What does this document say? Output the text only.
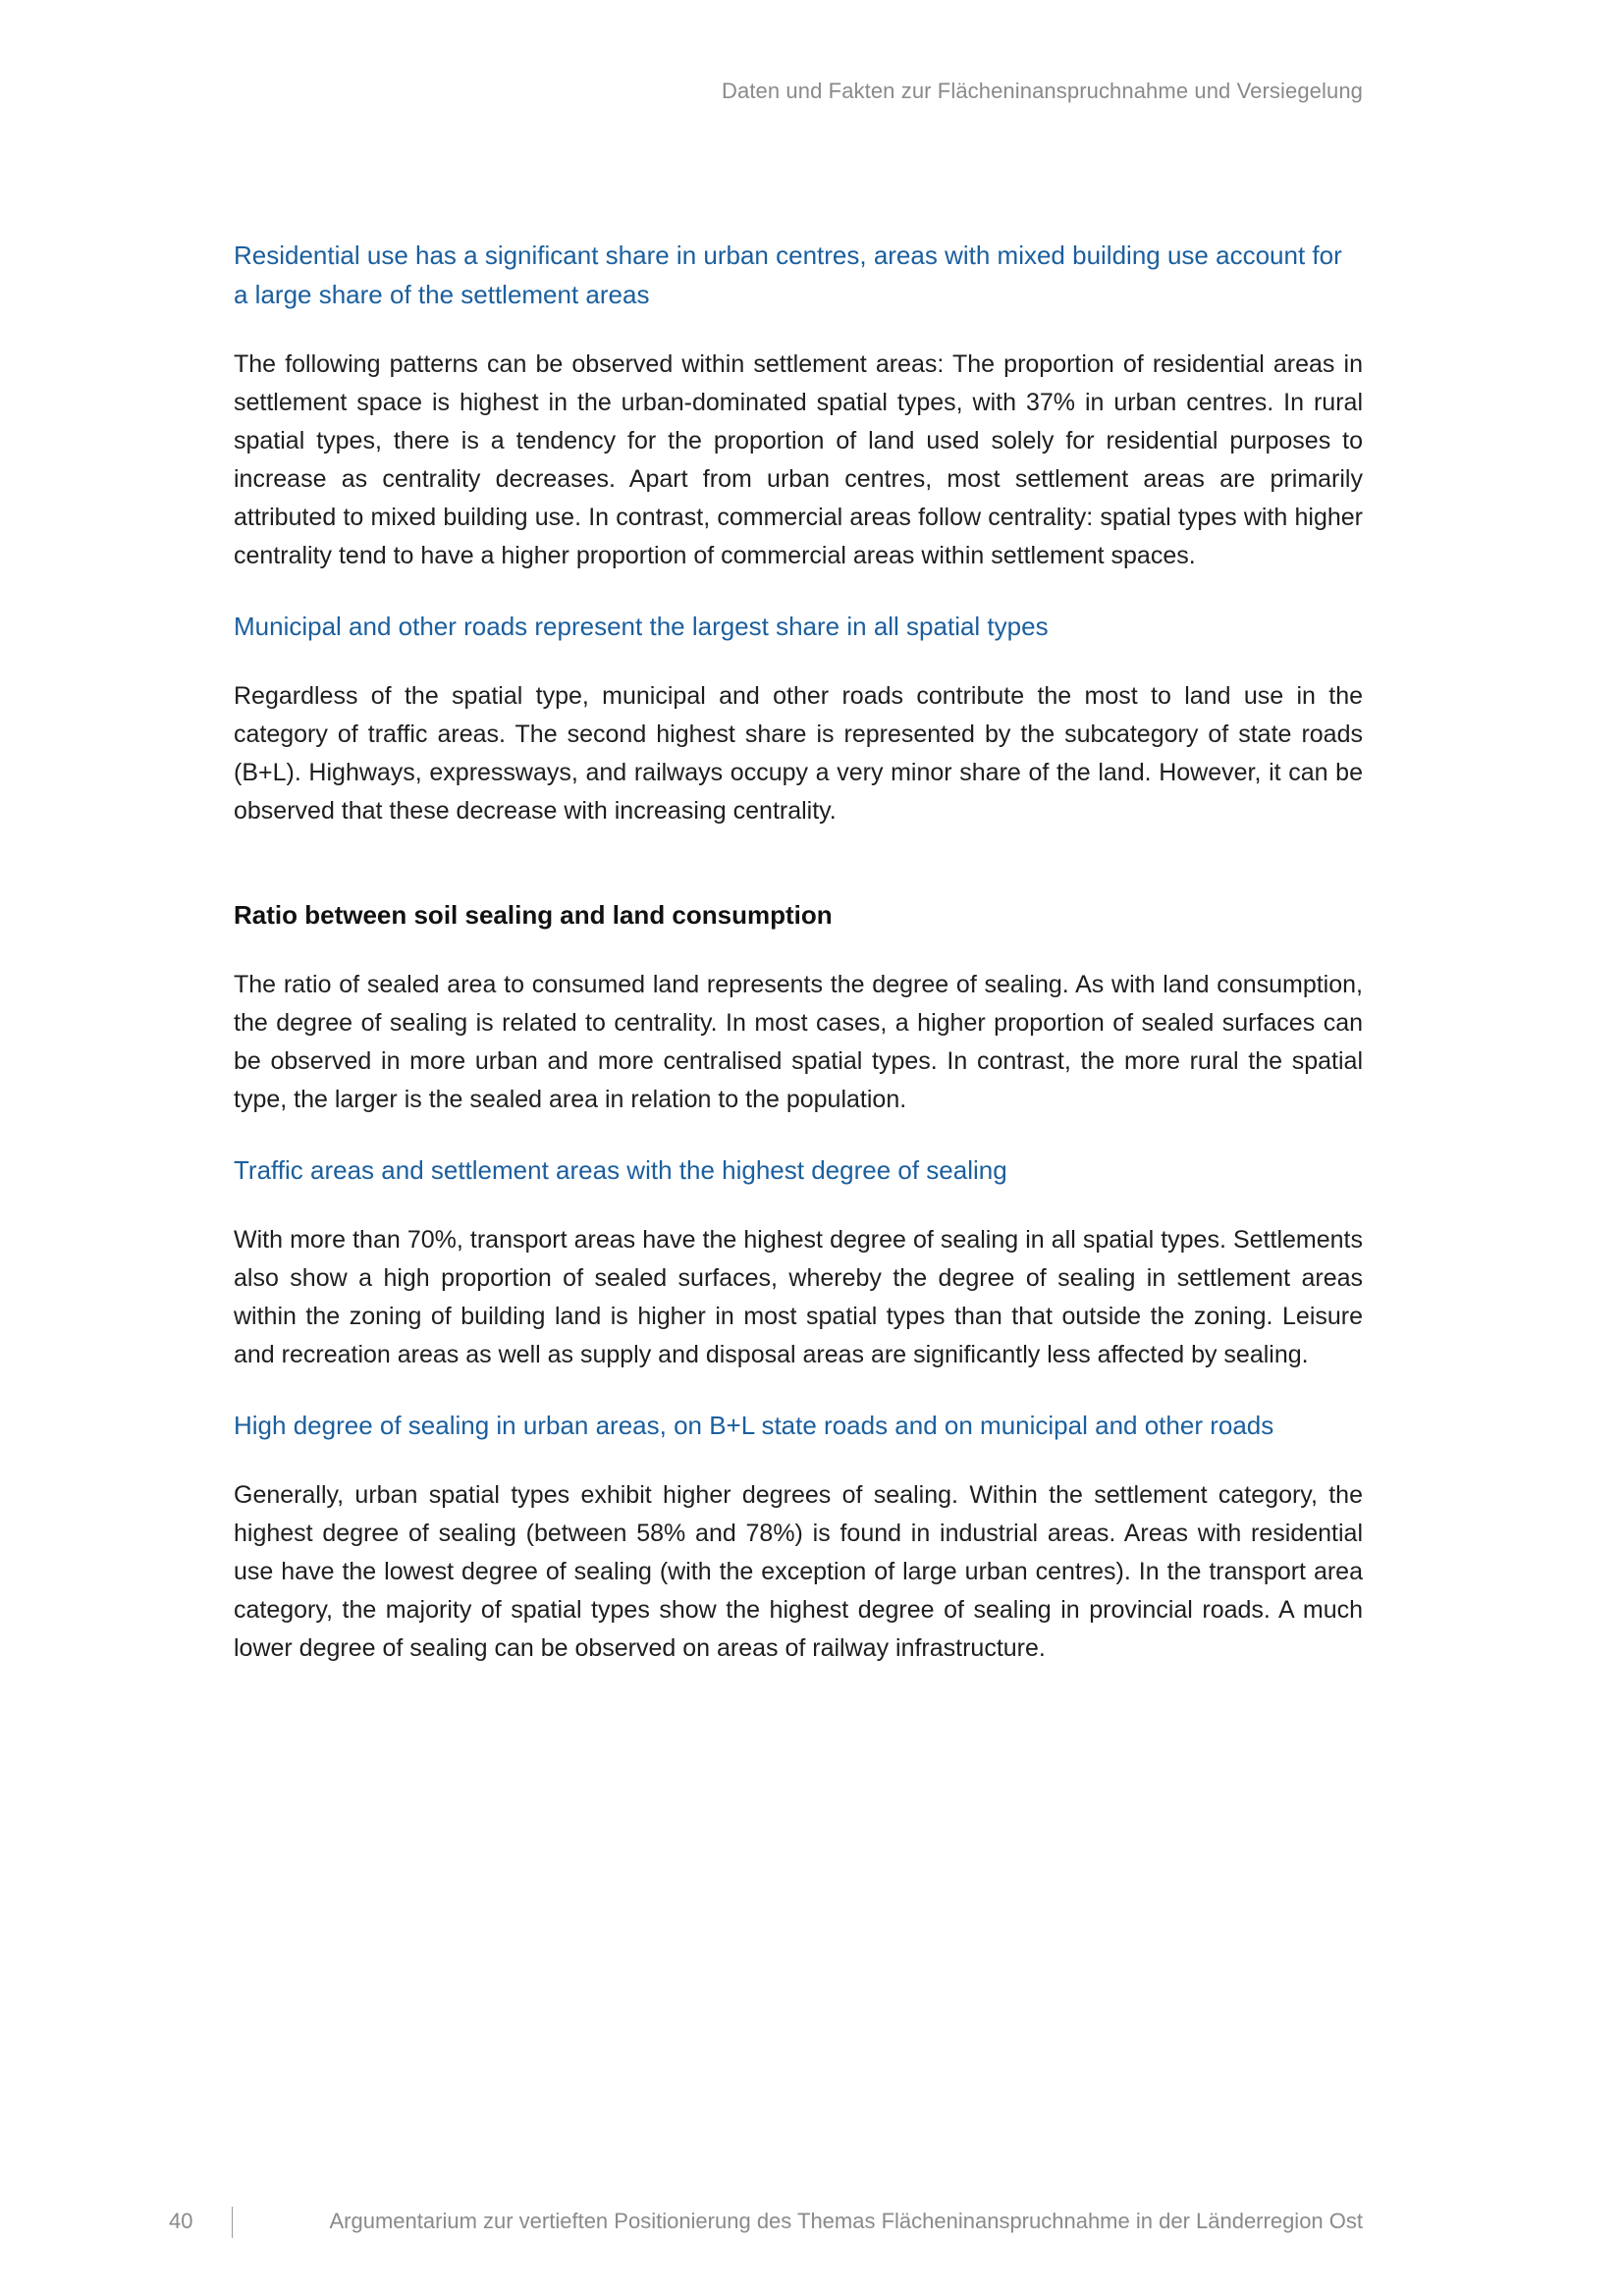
Daten und Fakten zur Flächeninanspruchnahme und Versiegelung
Residential use has a significant share in urban centres, areas with mixed building use account for a large share of the settlement areas

The following patterns can be observed within settlement areas: The proportion of residential areas in settlement space is highest in the urban-dominated spatial types, with 37% in urban centres. In rural spatial types, there is a tendency for the proportion of land used solely for residential purposes to increase as centrality decreases. Apart from urban centres, most settlement areas are primarily attributed to mixed building use. In contrast, commercial areas follow centrality: spatial types with higher centrality tend to have a higher proportion of commercial areas within settlement spaces.

Municipal and other roads represent the largest share in all spatial types

Regardless of the spatial type, municipal and other roads contribute the most to land use in the category of traffic areas. The second highest share is represented by the subcategory of state roads (B+L). Highways, expressways, and railways occupy a very minor share of the land. However, it can be observed that these decrease with increasing centrality.

Ratio between soil sealing and land consumption

The ratio of sealed area to consumed land represents the degree of sealing. As with land consumption, the degree of sealing is related to centrality. In most cases, a higher proportion of sealed surfaces can be observed in more urban and more centralised spatial types. In contrast, the more rural the spatial type, the larger is the sealed area in relation to the population.

Traffic areas and settlement areas with the highest degree of sealing

With more than 70%, transport areas have the highest degree of sealing in all spatial types. Settlements also show a high proportion of sealed surfaces, whereby the degree of sealing in settlement areas within the zoning of building land is higher in most spatial types than that outside the zoning. Leisure and recreation areas as well as supply and disposal areas are significantly less affected by sealing.

High degree of sealing in urban areas, on B+L state roads and on municipal and other roads

Generally, urban spatial types exhibit higher degrees of sealing. Within the settlement category, the highest degree of sealing (between 58% and 78%) is found in industrial areas. Areas with residential use have the lowest degree of sealing (with the exception of large urban centres). In the transport area category, the majority of spatial types show the highest degree of sealing in provincial roads. A much lower degree of sealing can be observed on areas of railway infrastructure.

40	Argumentarium zur vertieften Positionierung des Themas Flächeninanspruchnahme in der Länderregion Ost
